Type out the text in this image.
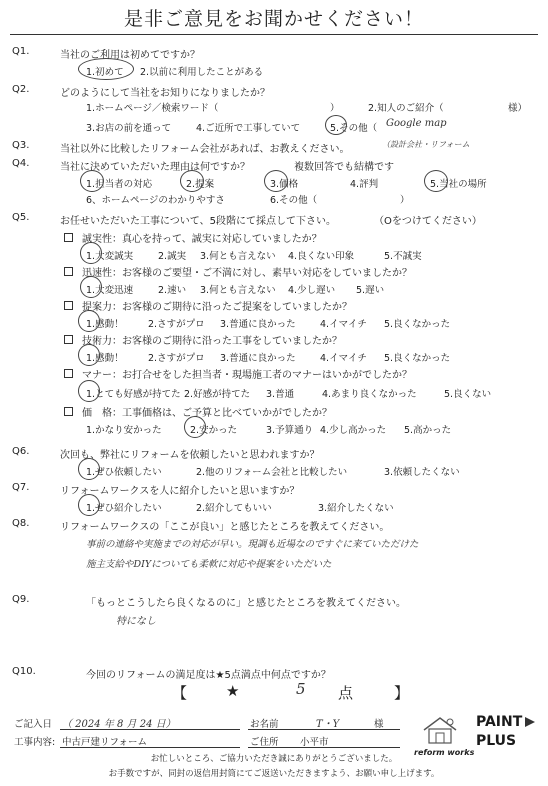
是非ご意見をお聞かせください！
Q1.	当社のご利用は初めてですか？
1.初めて 2.以前に利用したことがある
Q2.	どのようにして当社をお知りになりましたか？
1.ホームページ／検索ワード（	）	2.知人のご紹介（	様）
3.お店の前を通って	4.ご近所で工事していて	5.その他（ Google map
Q3.	当社以外に比較したリフォーム会社があれば、お教えください。	（設計会社・リフォーム
Q4.	当社に決めていただいた理由は何ですか？	複数回答でも結構です
1.担当者の対応	2.提案	3.価格	4.評判	5.当社の場所
6、ホームページのわかりやすさ	6.その他（	）
Q5.	お任せいただいた工事について、5段階にて採点して下さい。	（Oをつけてください）
誠実性：真心を持って、誠実に対応していましたか？
1.大変誠実	2.誠実 3.何とも言えない 4.良くない印象	5.不誠実
迅速性：お客様のご要望・ご不満に対し、素早い対応をしていましたか？
1.大変迅速	2.速い 3.何とも言えない 4.少し遅い 5.遅い
提案力：お客様のご期待に沿ったご提案をしていましたか？
1.感動！	2.さすがプロ 3.普通に良かった	4.イマイチ 5.良くなかった
技術力：お客様のご期待に沿った工事をしていましたか？
1.感動！	2.さすがプロ 3.普通に良かった	4.イマイチ 5.良くなかった
マナー：お打合せをした担当者・現場施工者のマナーはいかがでしたか？
1.とても好感が持てた 2.好感が持てた 3.普通	4.あまり良くなかった	5.良くない
価　格：工事価格は、ご予算と比べていかがでしたか？
1.かなり安かった	2.安かった	3.予算通り 4.少し高かった 5.高かった
Q6.	次回も、弊社にリフォームを依頼したいと思われますか？
1.ぜひ依頼したい	2.他のリフォーム会社と比較したい	3.依頼したくない
Q7.	リフォームワークスを人に紹介したいと思いますか？
1.ぜひ紹介したい	2.紹介してもいい	3.紹介したくない
Q8.	リフォームワークスの「ここが良い」と感じたところを教えてください。
事前の連絡や実施までの対応が早い。現調も近場なのですぐに来ていただけた
施主支給やDIYについても柔軟に対応や提案をいただいた
Q9.	「もっとこうしたら良くなるのに」と感じたところを教えてください。
特になし
Q10.	今回のリフォームの満足度は★5点満点中何点ですか？
【	★	5 点	】
ご記入日 （ 2024 年 8 月 24 日）	お名前	T・Y	様
工事内容: 中古戸建リフォーム	ご住所 小平市
reform works
PAINT
PLUS
お忙しいところ、ご協力いただき誠にありがとうございました。
お手数ですが、同封の返信用封筒にてご返送いただきますよう、お願い申し上げます。
